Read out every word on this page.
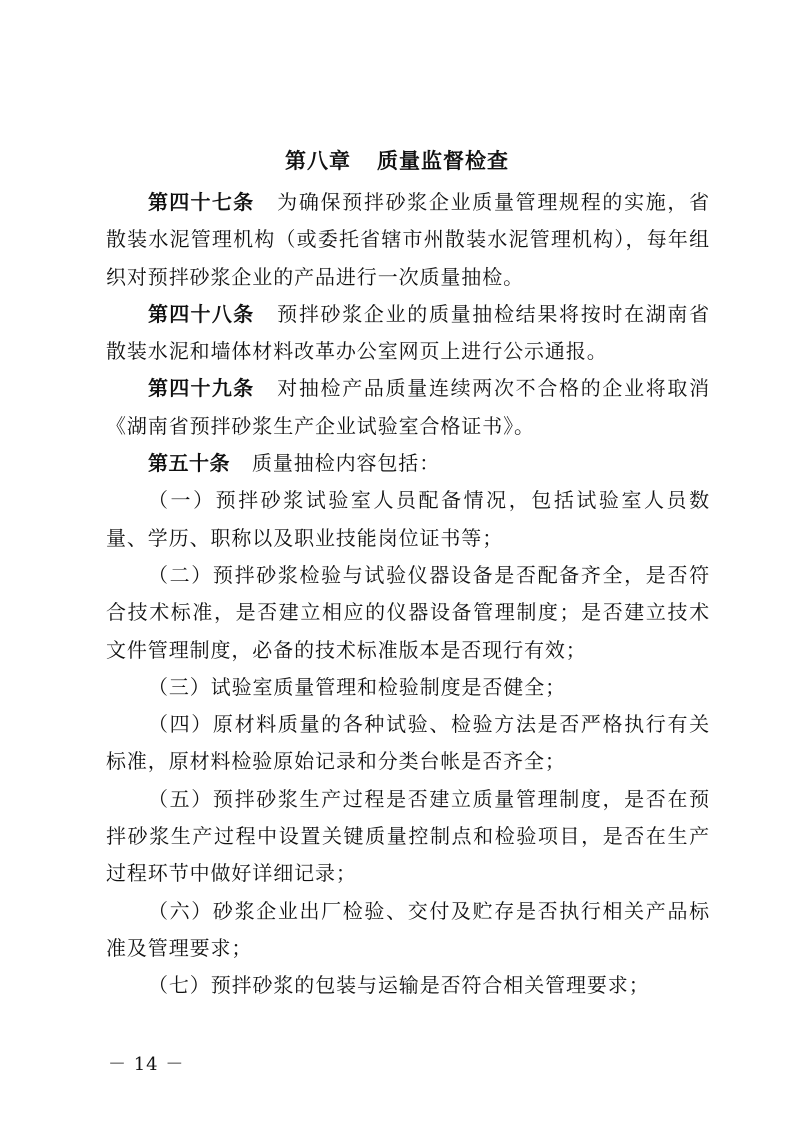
第八章 质量监督检查

第四十七条 为确保预拌砂浆企业质量管理规程的实施，省散装水泥管理机构（或委托省辖市州散装水泥管理机构），每年组织对预拌砂浆企业的产品进行一次质量抽检。

第四十八条 预拌砂浆企业的质量抽检结果将按时在湖南省散装水泥和墙体材料改革办公室网页上进行公示通报。

第四十九条 对抽检产品质量连续两次不合格的企业将取消《湖南省预拌砂浆生产企业试验室合格证书》。

第五十条 质量抽检内容包括：

（一）预拌砂浆试验室人员配备情况，包括试验室人员数量、学历、职称以及职业技能岗位证书等；

（二）预拌砂浆检验与试验仪器设备是否配备齐全，是否符合技术标准，是否建立相应的仪器设备管理制度；是否建立技术文件管理制度，必备的技术标准版本是否现行有效；

（三）试验室质量管理和检验制度是否健全；

（四）原材料质量的各种试验、检验方法是否严格执行有关标准，原材料检验原始记录和分类台帐是否齐全；

（五）预拌砂浆生产过程是否建立质量管理制度，是否在预拌砂浆生产过程中设置关键质量控制点和检验项目，是否在生产过程环节中做好详细记录；

（六）砂浆企业出厂检验、交付及贮存是否执行相关产品标准及管理要求；

（七）预拌砂浆的包装与运输是否符合相关管理要求；

－ 14 －
